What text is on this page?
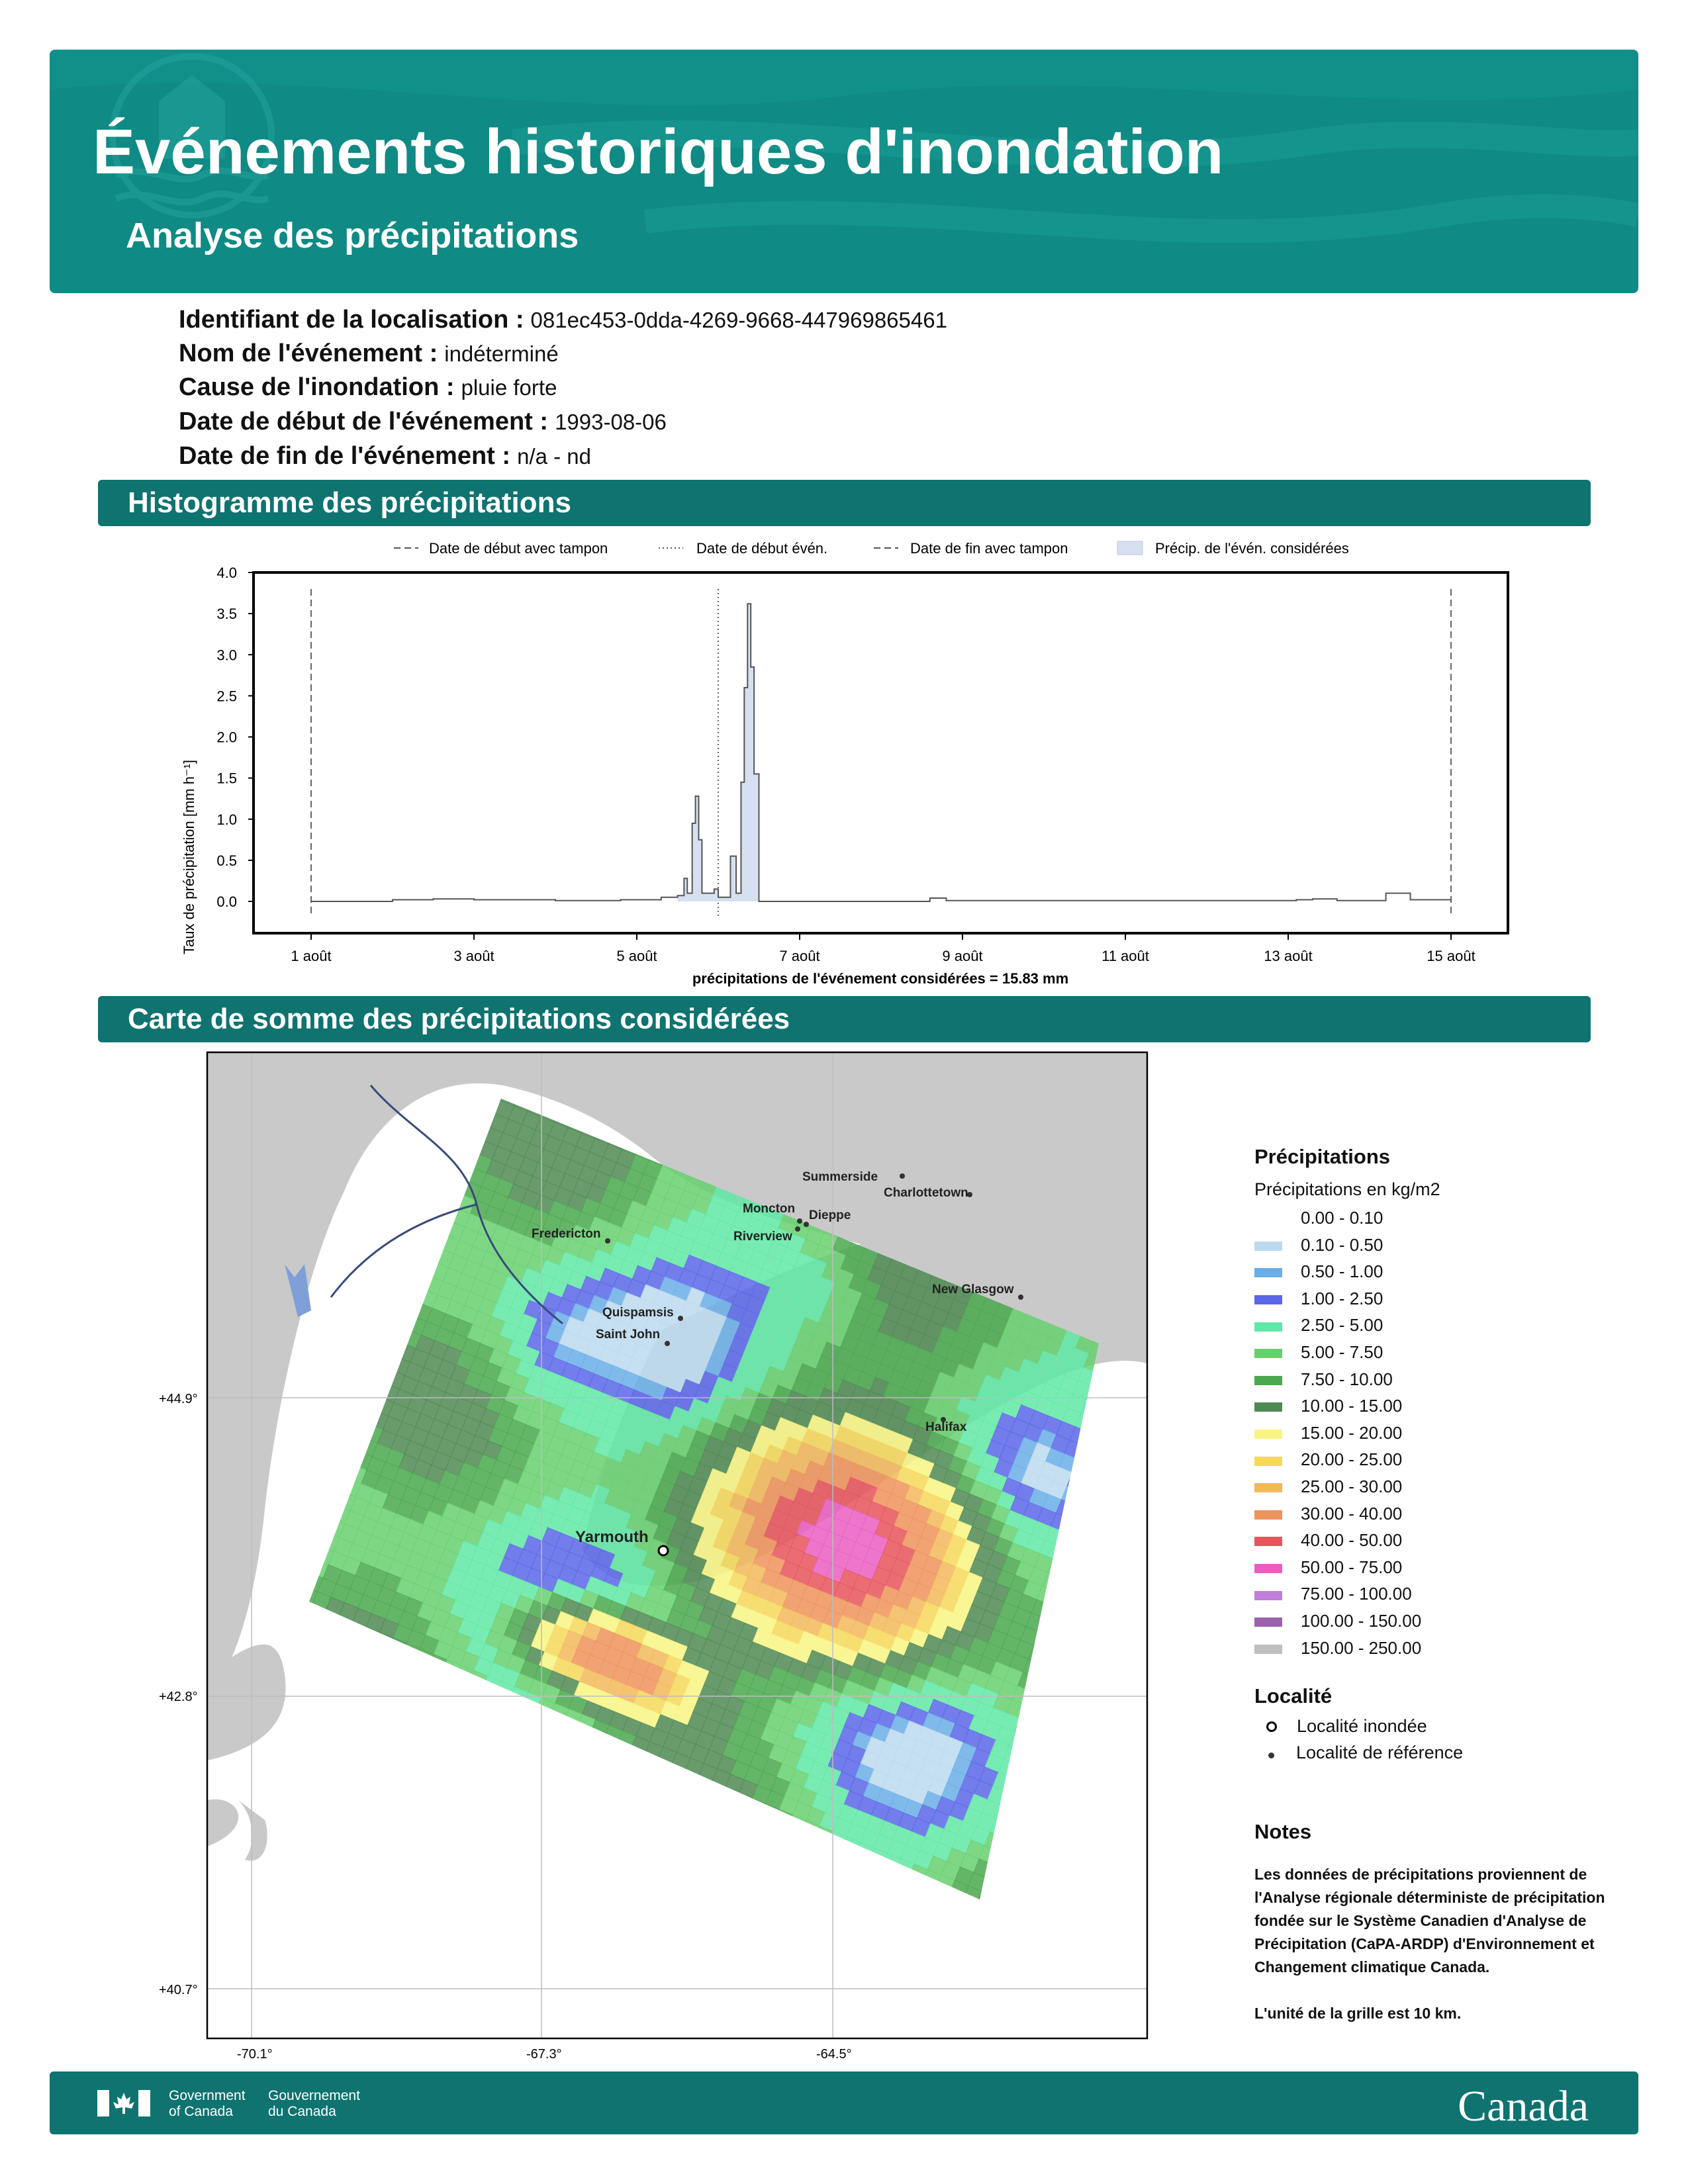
Événements historiques d'inondation
Analyse des précipitations
Identifiant de la localisation : 081ec453-0dda-4269-9668-447969865461
Nom de l'événement : indéterminé
Cause de l'inondation : pluie forte
Date de début de l'événement : 1993-08-06
Date de fin de l'événement : n/a - nd
Histogramme des précipitations
Date de début avec tampon	Date de début évén.	Date de fin avec tampon	Précip. de l'évén. considérées
0.0
0.5
1.0
1.5
2.0
2.5
3.0
3.5
4.0
1 août	3 août	5 août	7 août	9 août	11 août	13 août	15 août
Taux de précipitation [mm h⁻¹]
précipitations de l'événement considérées = 15.83 mm
Carte de somme des précipitations considérées
+44.9°
+42.8°
+40.7°
-70.1°	-67.3°	-64.5°
Summerside
Charlottetown
Moncton Dieppe
Riverview
Fredericton
New Glasgow
Quispamsis
Saint John
Halifax
Yarmouth
Précipitations
Précipitations en kg/m2
0.00 - 0.10
0.10 - 0.50
0.50 - 1.00
1.00 - 2.50
2.50 - 5.00
5.00 - 7.50
7.50 - 10.00
10.00 - 15.00
15.00 - 20.00
20.00 - 25.00
25.00 - 30.00
30.00 - 40.00
40.00 - 50.00
50.00 - 75.00
75.00 - 100.00
100.00 - 150.00
150.00 - 250.00
Localité
Localité inondée
Localité de référence
Notes
Les données de précipitations proviennent de l'Analyse régionale déterministe de précipitation fondée sur le Système Canadien d'Analyse de Précipitation (CaPA-ARDP) d'Environnement et Changement climatique Canada.
L'unité de la grille est 10 km.
Government of Canada
Gouvernement du Canada	Canada
